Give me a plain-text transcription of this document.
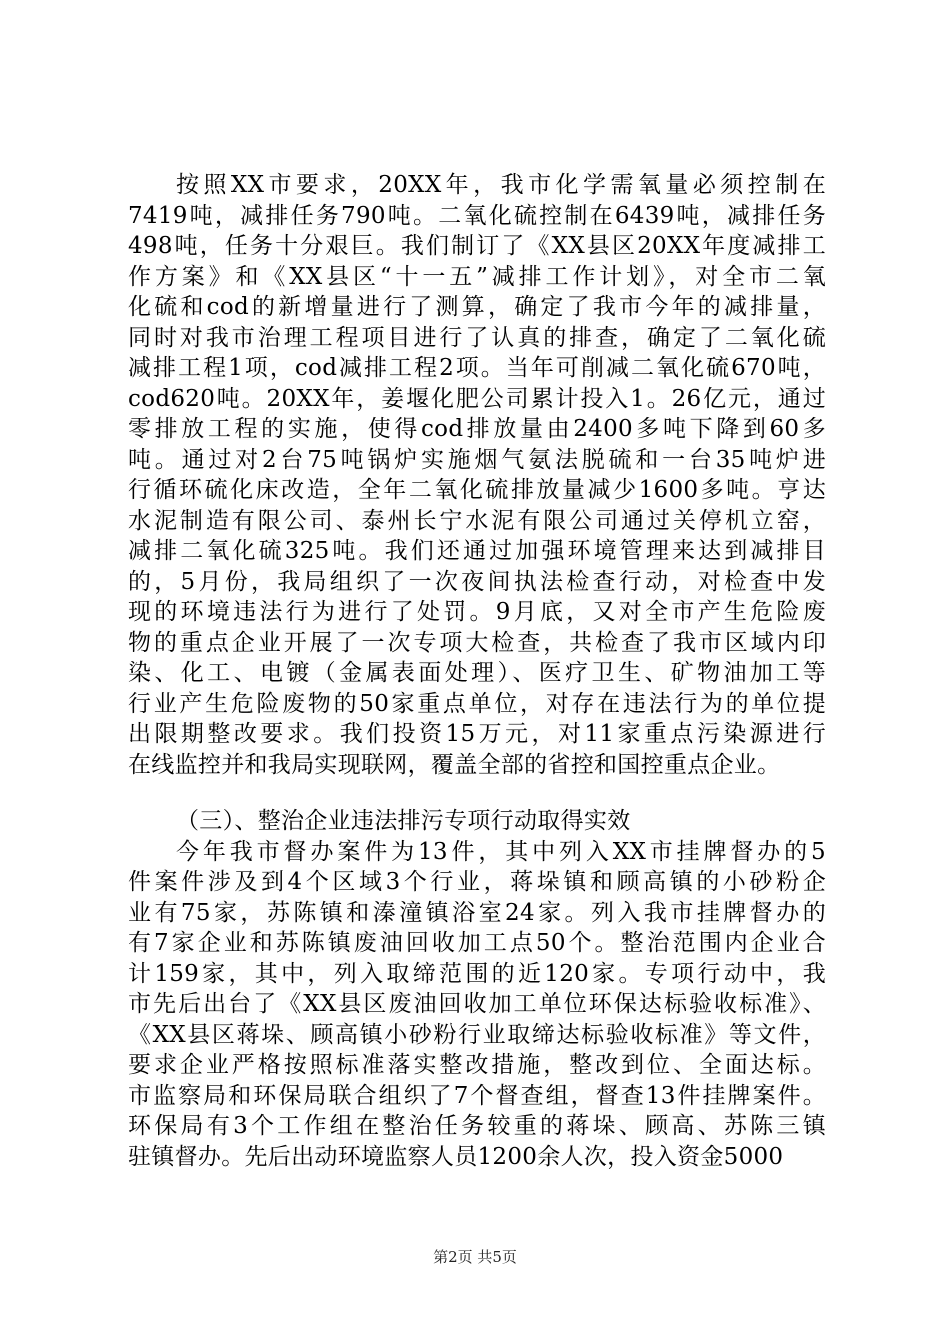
按照XX市要求，20XX年，我市化学需氧量必须控制在
7419吨，减排任务790吨。二氧化硫控制在6439吨，减排任务
498吨，任务十分艰巨。我们制订了《XX县区20XX年度减排工
作方案》和《XX县区“十一五”减排工作计划》，对全市二氧
化硫和cod的新增量进行了测算，确定了我市今年的减排量，
同时对我市治理工程项目进行了认真的排查，确定了二氧化硫
减排工程1项，cod减排工程2项。当年可削减二氧化硫670吨，
cod620吨。20XX年，姜堰化肥公司累计投入1。26亿元，通过
零排放工程的实施，使得cod排放量由2400多吨下降到60多
吨。通过对2台75吨锅炉实施烟气氨法脱硫和一台35吨炉进
行循环硫化床改造，全年二氧化硫排放量减少1600多吨。亨达
水泥制造有限公司、泰州长宁水泥有限公司通过关停机立窑，
减排二氧化硫325吨。我们还通过加强环境管理来达到减排目
的，5月份，我局组织了一次夜间执法检查行动，对检查中发
现的环境违法行为进行了处罚。9月底，又对全市产生危险废
物的重点企业开展了一次专项大检查，共检查了我市区域内印
染、化工、电镀（金属表面处理）、医疗卫生、矿物油加工等
行业产生危险废物的50家重点单位，对存在违法行为的单位提
出限期整改要求。我们投资15万元，对11家重点污染源进行
在线监控并和我局实现联网，覆盖全部的省控和国控重点企业。
（三）、整治企业违法排污专项行动取得实效
今年我市督办案件为13件，其中列入XX市挂牌督办的5
件案件涉及到4个区域3个行业，蒋垛镇和顾高镇的小砂粉企
业有75家，苏陈镇和溱潼镇浴室24家。列入我市挂牌督办的
有7家企业和苏陈镇废油回收加工点50个。整治范围内企业合
计159家，其中，列入取缔范围的近120家。专项行动中，我
市先后出台了《XX县区废油回收加工单位环保达标验收标准》、
《XX县区蒋垛、顾高镇小砂粉行业取缔达标验收标准》等文件，
要求企业严格按照标准落实整改措施，整改到位、全面达标。
市监察局和环保局联合组织了7个督查组，督查13件挂牌案件。
环保局有3个工作组在整治任务较重的蒋垛、顾高、苏陈三镇
驻镇督办。先后出动环境监察人员1200余人次，投入资金5000
第2页 共5页
